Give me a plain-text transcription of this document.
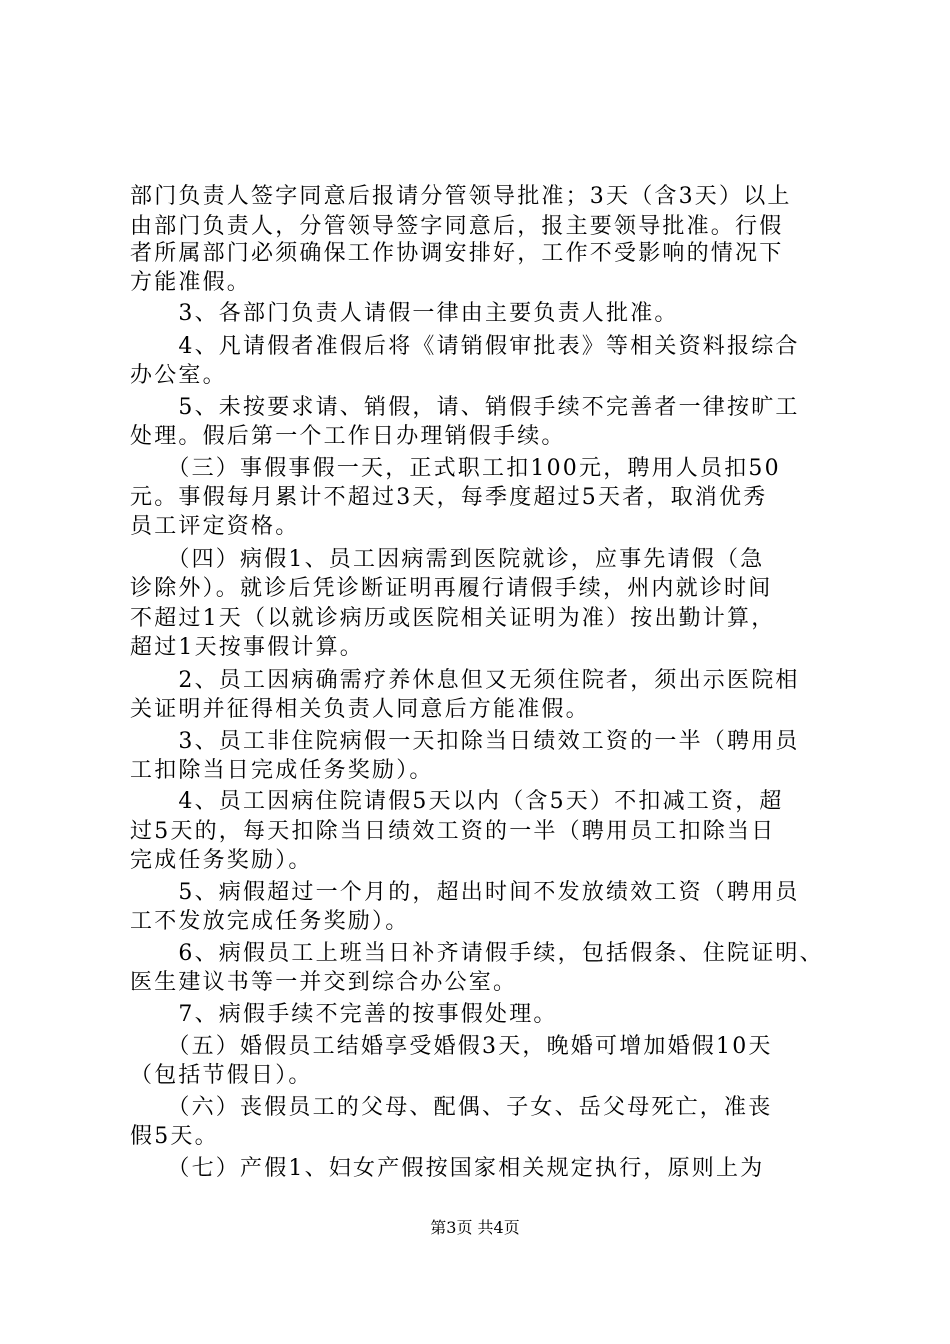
部门负责人签字同意后报请分管领导批准；3天（含3天）以上
由部门负责人，分管领导签字同意后，报主要领导批准。行假
者所属部门必须确保工作协调安排好，工作不受影响的情况下
方能准假。
　　3、各部门负责人请假一律由主要负责人批准。
　　4、凡请假者准假后将《请销假审批表》等相关资料报综合
办公室。
　　5、未按要求请、销假，请、销假手续不完善者一律按旷工
处理。假后第一个工作日办理销假手续。
　　（三）事假事假一天，正式职工扣100元，聘用人员扣50
元。事假每月累计不超过3天，每季度超过5天者，取消优秀
员工评定资格。
　　（四）病假1、员工因病需到医院就诊，应事先请假（急
诊除外）。就诊后凭诊断证明再履行请假手续，州内就诊时间
不超过1天（以就诊病历或医院相关证明为准）按出勤计算，
超过1天按事假计算。
　　2、员工因病确需疗养休息但又无须住院者，须出示医院相
关证明并征得相关负责人同意后方能准假。
　　3、员工非住院病假一天扣除当日绩效工资的一半（聘用员
工扣除当日完成任务奖励）。
　　4、员工因病住院请假5天以内（含5天）不扣减工资，超
过5天的，每天扣除当日绩效工资的一半（聘用员工扣除当日
完成任务奖励）。
　　5、病假超过一个月的，超出时间不发放绩效工资（聘用员
工不发放完成任务奖励）。
　　6、病假员工上班当日补齐请假手续，包括假条、住院证明、
医生建议书等一并交到综合办公室。
　　7、病假手续不完善的按事假处理。
　　（五）婚假员工结婚享受婚假3天，晚婚可增加婚假10天
（包括节假日）。
　　（六）丧假员工的父母、配偶、子女、岳父母死亡，准丧
假5天。
　　（七）产假1、妇女产假按国家相关规定执行，原则上为
第3页 共4页
